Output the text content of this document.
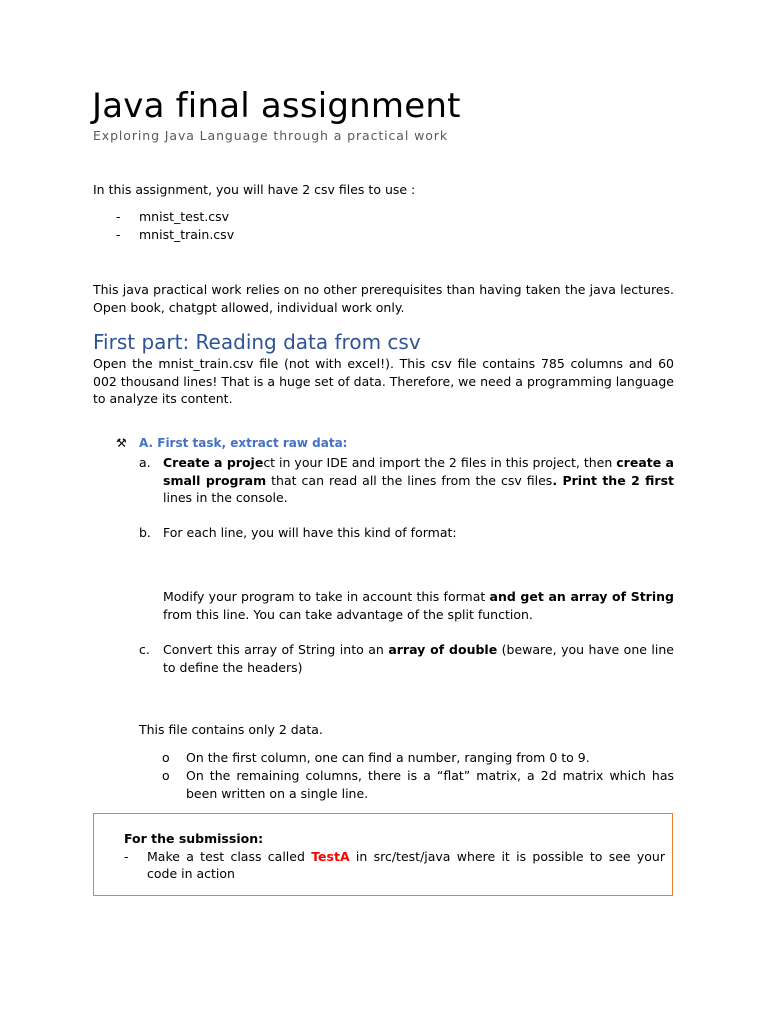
Java final assignment
Exploring Java Language through a practical work
In this assignment, you will have 2 csv files to use :
- mnist_test.csv
- mnist_train.csv
This java practical work relies on no other prerequisites than having taken the java lectures. Open book, chatgpt allowed, individual work only.
First part: Reading data from csv
Open the mnist_train.csv file (not with excel!). This csv file contains 785 columns and 60 002 thousand lines! That is a huge set of data. Therefore, we need a programming language to analyze its content.
⚒ A. First task, extract raw data:
a. Create a project in your IDE and import the 2 files in this project, then create a small program that can read all the lines from the csv files. Print the 2 first lines in the console.
b. For each line, you will have this kind of format:
Modify your program to take in account this format and get an array of String from this line. You can take advantage of the split function.
c.	Convert this array of String into an array of double (beware, you have one line to define the headers)
This file contains only 2 data.
o On the first column, one can find a number, ranging from 0 to 9.
o On the remaining columns, there is a “flat” matrix, a 2d matrix which has been written on a single line.
For the submission:
- Make a test class called TestA in src/test/java where it is possible to see your code in action
